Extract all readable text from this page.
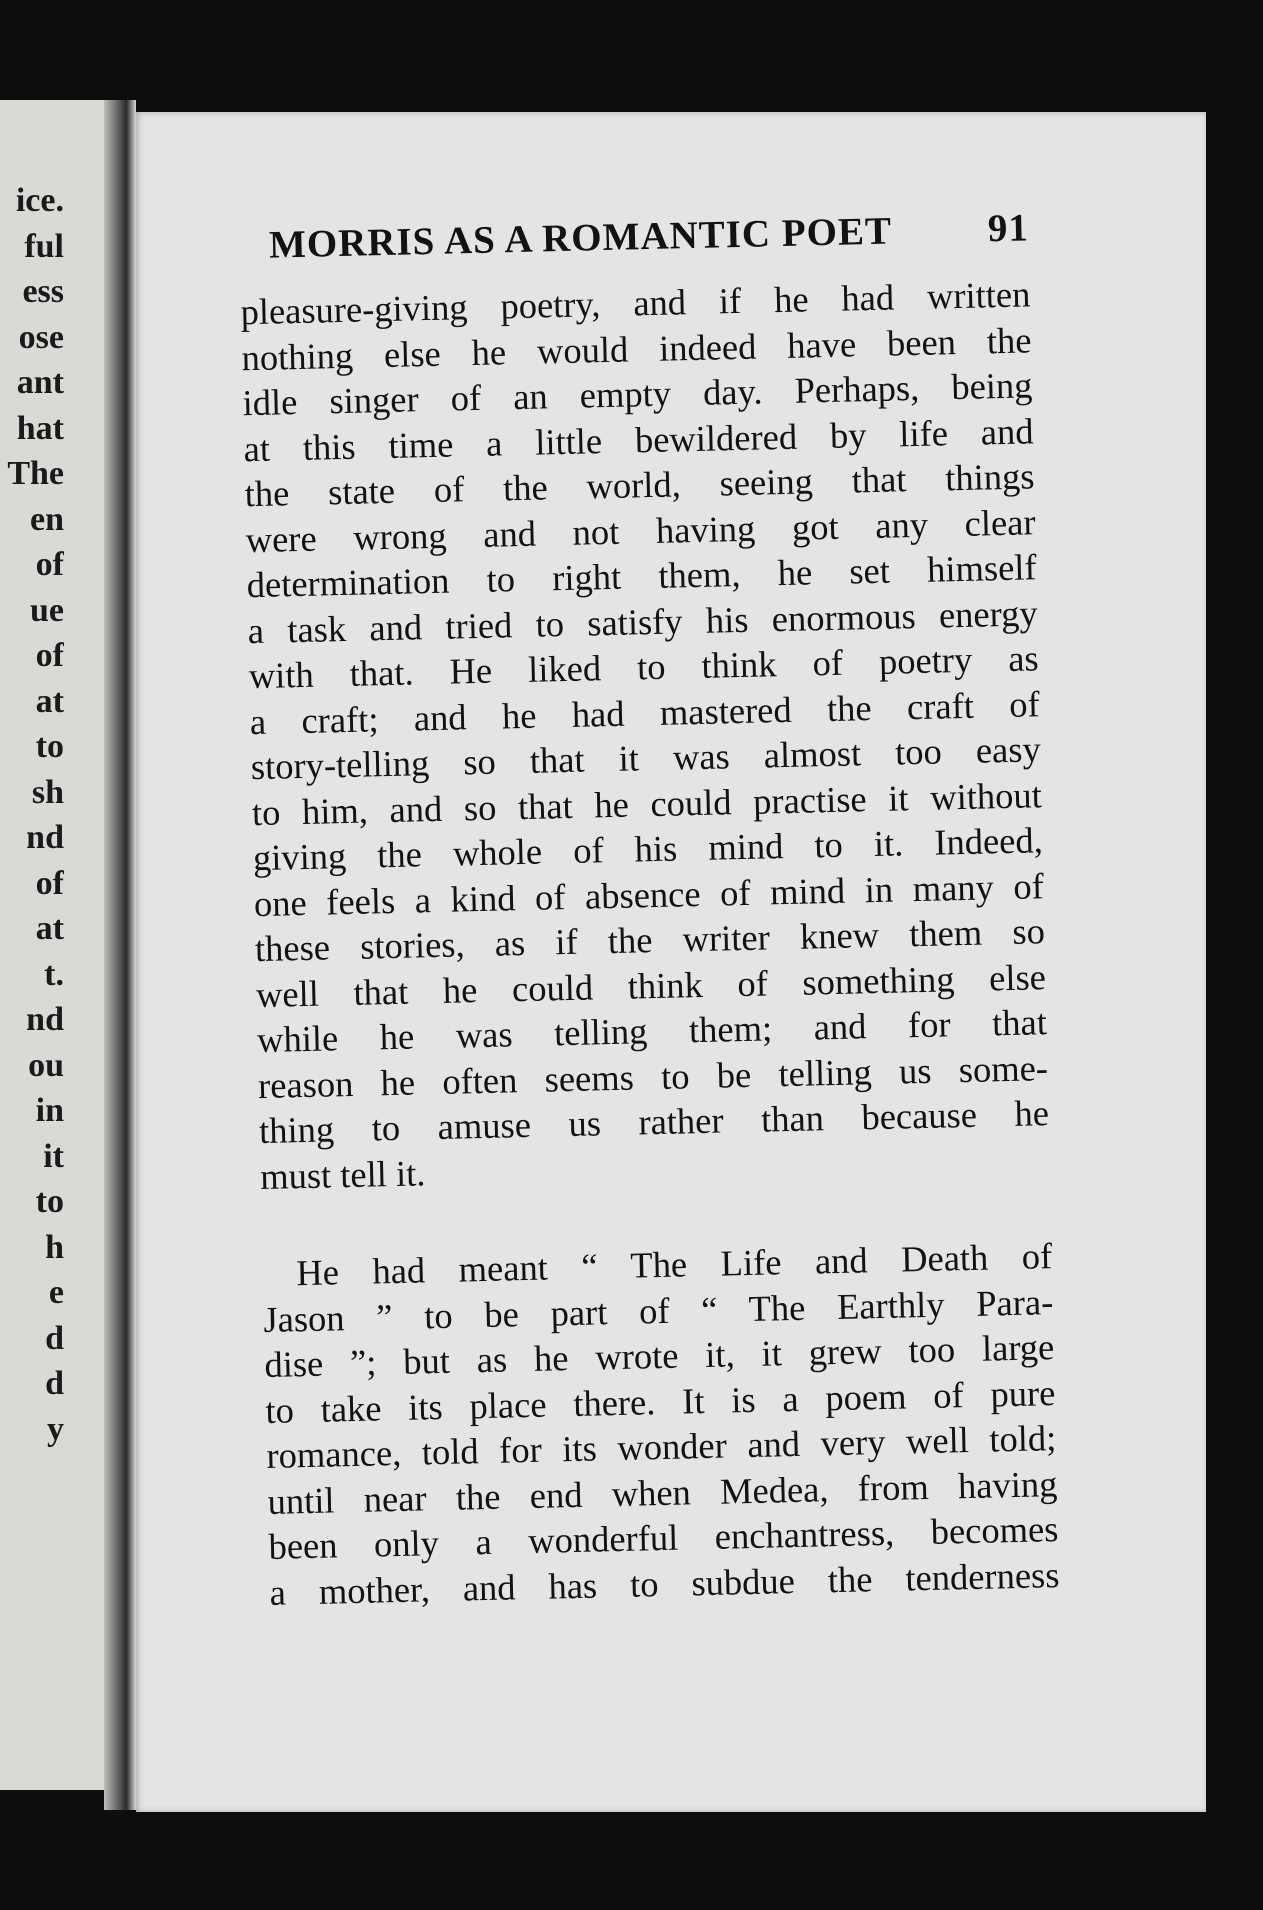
ice.
ful
ess
ose
ant
hat
The
en
of
ue
of
at
to
sh
nd
of
at
t.
nd
ou
in
it
to
h
e
d
d
y
MORRIS AS A ROMANTIC POET 91

pleasure-giving poetry, and if he had written
nothing else he would indeed have been the
idle singer of an empty day. Perhaps, being
at this time a little bewildered by life and
the state of the world, seeing that things
were wrong and not having got any clear
determination to right them, he set himself
a task and tried to satisfy his enormous energy
with that. He liked to think of poetry as
a craft; and he had mastered the craft of
story-telling so that it was almost too easy
to him, and so that he could practise it without
giving the whole of his mind to it. Indeed,
one feels a kind of absence of mind in many of
these stories, as if the writer knew them so
well that he could think of something else
while he was telling them; and for that
reason he often seems to be telling us some-
thing to amuse us rather than because he
must tell it.

He had meant “ The Life and Death of
Jason ” to be part of “ The Earthly Para-
dise ”; but as he wrote it, it grew too large
to take its place there. It is a poem of pure
romance, told for its wonder and very well told;
until near the end when Medea, from having
been only a wonderful enchantress, becomes
a mother, and has to subdue the tenderness
